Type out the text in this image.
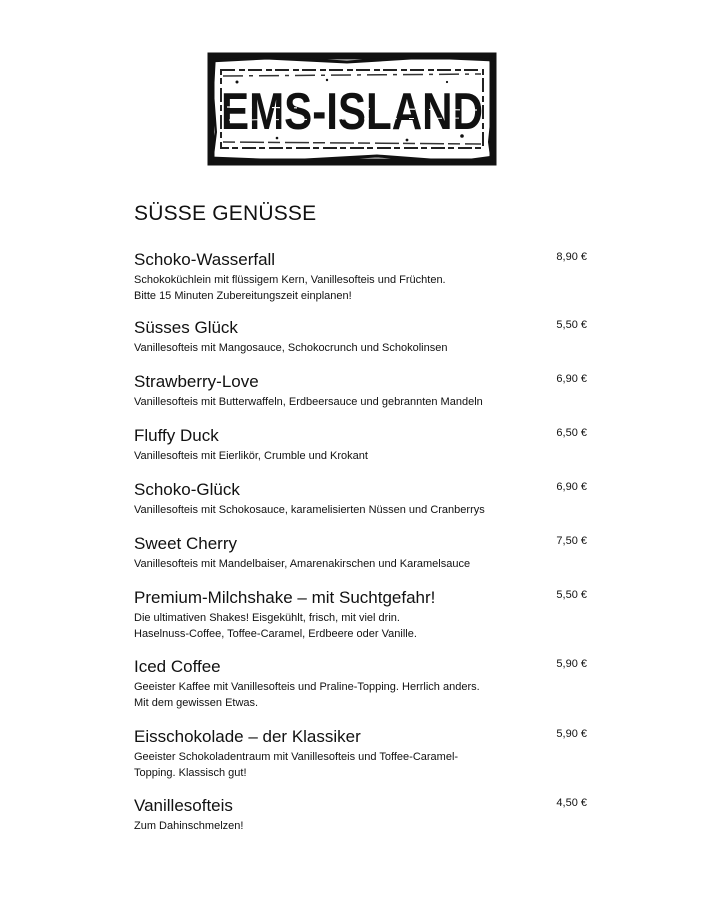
EMS-ISLAND
SÜSSE GENÜSSE
Schoko-Wasserfall
Schokoküchlein mit flüssigem Kern, Vanillesofteis und Früchten.
Bitte 15 Minuten Zubereitungszeit einplanen!
8,90 €
Süsses Glück
Vanillesofteis mit Mangosauce, Schokocrunch und Schokolinsen
5,50 €
Strawberry-Love
Vanillesofteis mit Butterwaffeln, Erdbeersauce und gebrannten Mandeln
6,90 €
Fluffy Duck
Vanillesofteis mit Eierlikör, Crumble und Krokant
6,50 €
Schoko-Glück
Vanillesofteis mit Schokosauce, karamelisierten Nüssen und Cranberrys
6,90 €
Sweet Cherry
Vanillesofteis mit Mandelbaiser, Amarenakirschen und Karamelsauce
7,50 €
Premium-Milchshake – mit Suchtgefahr!
Die ultimativen Shakes! Eisgekühlt, frisch, mit viel drin.
Haselnuss-Coffee, Toffee-Caramel, Erdbeere oder Vanille.
5,50 €
Iced Coffee
Geeister Kaffee mit Vanillesofteis und Praline-Topping. Herrlich anders.
Mit dem gewissen Etwas.
5,90 €
Eisschokolade – der Klassiker
Geeister Schokoladentraum mit Vanillesofteis und Toffee-Caramel-
Topping. Klassisch gut!
5,90 €
Vanillesofteis
Zum Dahinschmelzen!
4,50 €
